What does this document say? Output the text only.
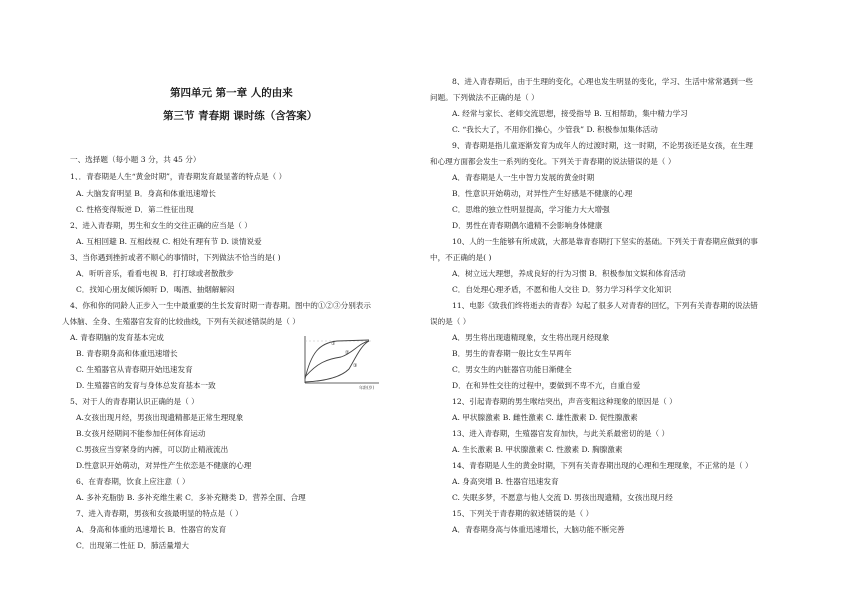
第四单元 第一章 人的由来
第三节 青春期 课时练（含答案）
一、选择题（每小题 3 分，共 45 分）
1、．青春期是人生“黄金时期”，青春期发育最显著的特点是（ ）
A. 大脑发育明显 B．身高和体重迅速增长
C. 性格变得叛逆 D．第二性征出现
2、进入青春期，男生和女生的交往正确的应当是（ ）
A. 互相回避 B. 互相歧视 C. 相处有理有节 D. 谈情说爱
3、当你遇到挫折或者不顺心的事情时，下列做法不恰当的是( )
A．听听音乐，看看电视 B．打打球或者散散步
C．找知心朋友倾诉倾听 D．喝酒、抽烟解解闷
4、你和你的同龄人正步入一生中最重要的生长发育时期一青春期。图中的①②③分别表示
人体脑、全身、生殖器官发育的比较曲线，下列有关叙述错误的是（ ）
A. 青春期脑的发育基本完成
B. 青春期身高和体重迅速增长
C. 生殖器官从青春期开始迅速发育
D. 生殖器官的发育与身体总发育基本一致
5、对于人的青春期认识正确的是（ ）
A.女孩出现月经，男孩出现遗精都是正常生理现象
B.女孩月经期间不能参加任何体育运动
C.男孩应当穿紧身的内裤，可以防止精液流出
D.性意识开始萌动，对异性产生依恋是不健康的心理
6、在青春期，饮食上应注意（ ）
A. 多补充脂肪 B. 多补充维生素 C．多补充糖类 D．营养全面、合理
7、进入青春期，男孩和女孩最明显的特点是（ ）
A．身高和体重的迅速增长 B．性器官的发育
C．出现第二性征 D．肺活量增大
①
②
③
年龄(岁)
8、进入青春期后，由于生理的变化，心理也发生明显的变化，学习、生活中常常遇到一些
问题。下列做法不正确的是（ ）
A. 经常与家长、老师交流思想，接受指导 B. 互相帮助，集中精力学习
C. “我长大了，不用你们操心，少管我” D. 积极参加集体活动
9、青春期是指儿童逐渐发育为成年人的过渡时期，这一时期，不论男孩还是女孩，在生理
和心理方面都会发生一系列的变化。下列关于青春期的说法错误的是（ ）
A．青春期是人一生中智力发展的黄金时期
B．性意识开始萌动，对异性产生好感是不健康的心理
C．思维的独立性明显提高，学习能力大大增强
D．男性在青春期偶尔遗精不会影响身体健康
10、人的一生能够有所成就，大都是靠青春期打下坚实的基础。下列关于青春期应做到的事
中，不正确的是( )
A．树立远大理想，养成良好的行为习惯 B．积极参加文娱和体育活动
C．自处理心理矛盾，不愿和他人交往 D．努力学习科学文化知识
11、电影《致我们终将逝去的青春》勾起了很多人对青春的回忆，下列有关青春期的说法错
误的是（ ）
A．男生将出现遗精现象，女生将出现月经现象
B．男生的青春期一般比女生早两年
C．男女生的内脏器官功能日渐健全
D．在和异性交往的过程中，要做到不卑不亢，自重自爱
12、引起青春期的男生喉结突出，声音变粗这种现象的原因是（ ）
A. 甲状腺激素 B. 雌性激素 C. 雄性激素 D. 促性腺激素
13、进入青春期，生殖器官发育加快，与此关系最密切的是（ ）
A. 生长激素 B. 甲状腺激素 C. 性激素 D. 胸腺激素
14、青春期是人生的黄金时期，下列有关青春期出现的心理和生理现象，不正常的是（ ）
A. 身高突增 B. 性器官迅速发育
C. 失眠多梦，不愿意与他人交流 D. 男孩出现遗精，女孩出现月经
15、下列关于青春期的叙述错误的是（ ）
A．青春期身高与体重迅速增长，大脑功能不断完善
